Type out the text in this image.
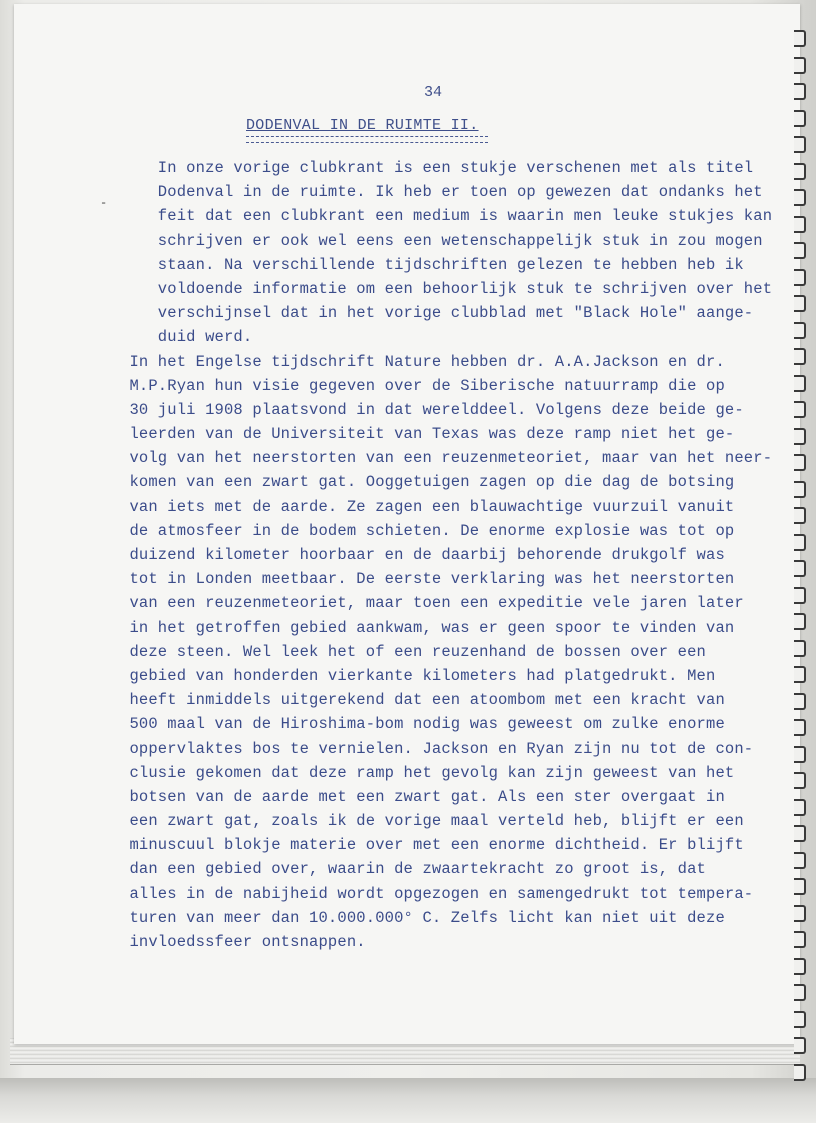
34
DODENVAL IN DE RUIMTE II.
-
In onze vorige clubkrant is een stukje verschenen met als titel
Dodenval in de ruimte. Ik heb er toen op gewezen dat ondanks het
feit dat een clubkrant een medium is waarin men leuke stukjes kan
schrijven er ook wel eens een wetenschappelijk stuk in zou mogen
staan. Na verschillende tijdschriften gelezen te hebben heb ik
voldoende informatie om een behoorlijk stuk te schrijven over het
verschijnsel dat in het vorige clubblad met "Black Hole" aange-
duid werd.
In het Engelse tijdschrift Nature hebben dr. A.A.Jackson en dr.
M.P.Ryan hun visie gegeven over de Siberische natuurramp die op
30 juli 1908 plaatsvond in dat werelddeel. Volgens deze beide ge-
leerden van de Universiteit van Texas was deze ramp niet het ge-
volg van het neerstorten van een reuzenmeteoriet, maar van het neer-
komen van een zwart gat. Ooggetuigen zagen op die dag de botsing
van iets met de aarde. Ze zagen een blauwachtige vuurzuil vanuit
de atmosfeer in de bodem schieten. De enorme explosie was tot op
duizend kilometer hoorbaar en de daarbij behorende drukgolf was
tot in Londen meetbaar. De eerste verklaring was het neerstorten
van een reuzenmeteoriet, maar toen een expeditie vele jaren later
in het getroffen gebied aankwam, was er geen spoor te vinden van
deze steen. Wel leek het of een reuzenhand de bossen over een
gebied van honderden vierkante kilometers had platgedrukt. Men
heeft inmiddels uitgerekend dat een atoombom met een kracht van
500 maal van de Hiroshima-bom nodig was geweest om zulke enorme
oppervlaktes bos te vernielen. Jackson en Ryan zijn nu tot de con-
clusie gekomen dat deze ramp het gevolg kan zijn geweest van het
botsen van de aarde met een zwart gat. Als een ster overgaat in
een zwart gat, zoals ik de vorige maal verteld heb, blijft er een
minuscuul blokje materie over met een enorme dichtheid. Er blijft
dan een gebied over, waarin de zwaartekracht zo groot is, dat
alles in de nabijheid wordt opgezogen en samengedrukt tot tempera-
turen van meer dan 10.000.000° C. Zelfs licht kan niet uit deze
invloedssfeer ontsnappen.
